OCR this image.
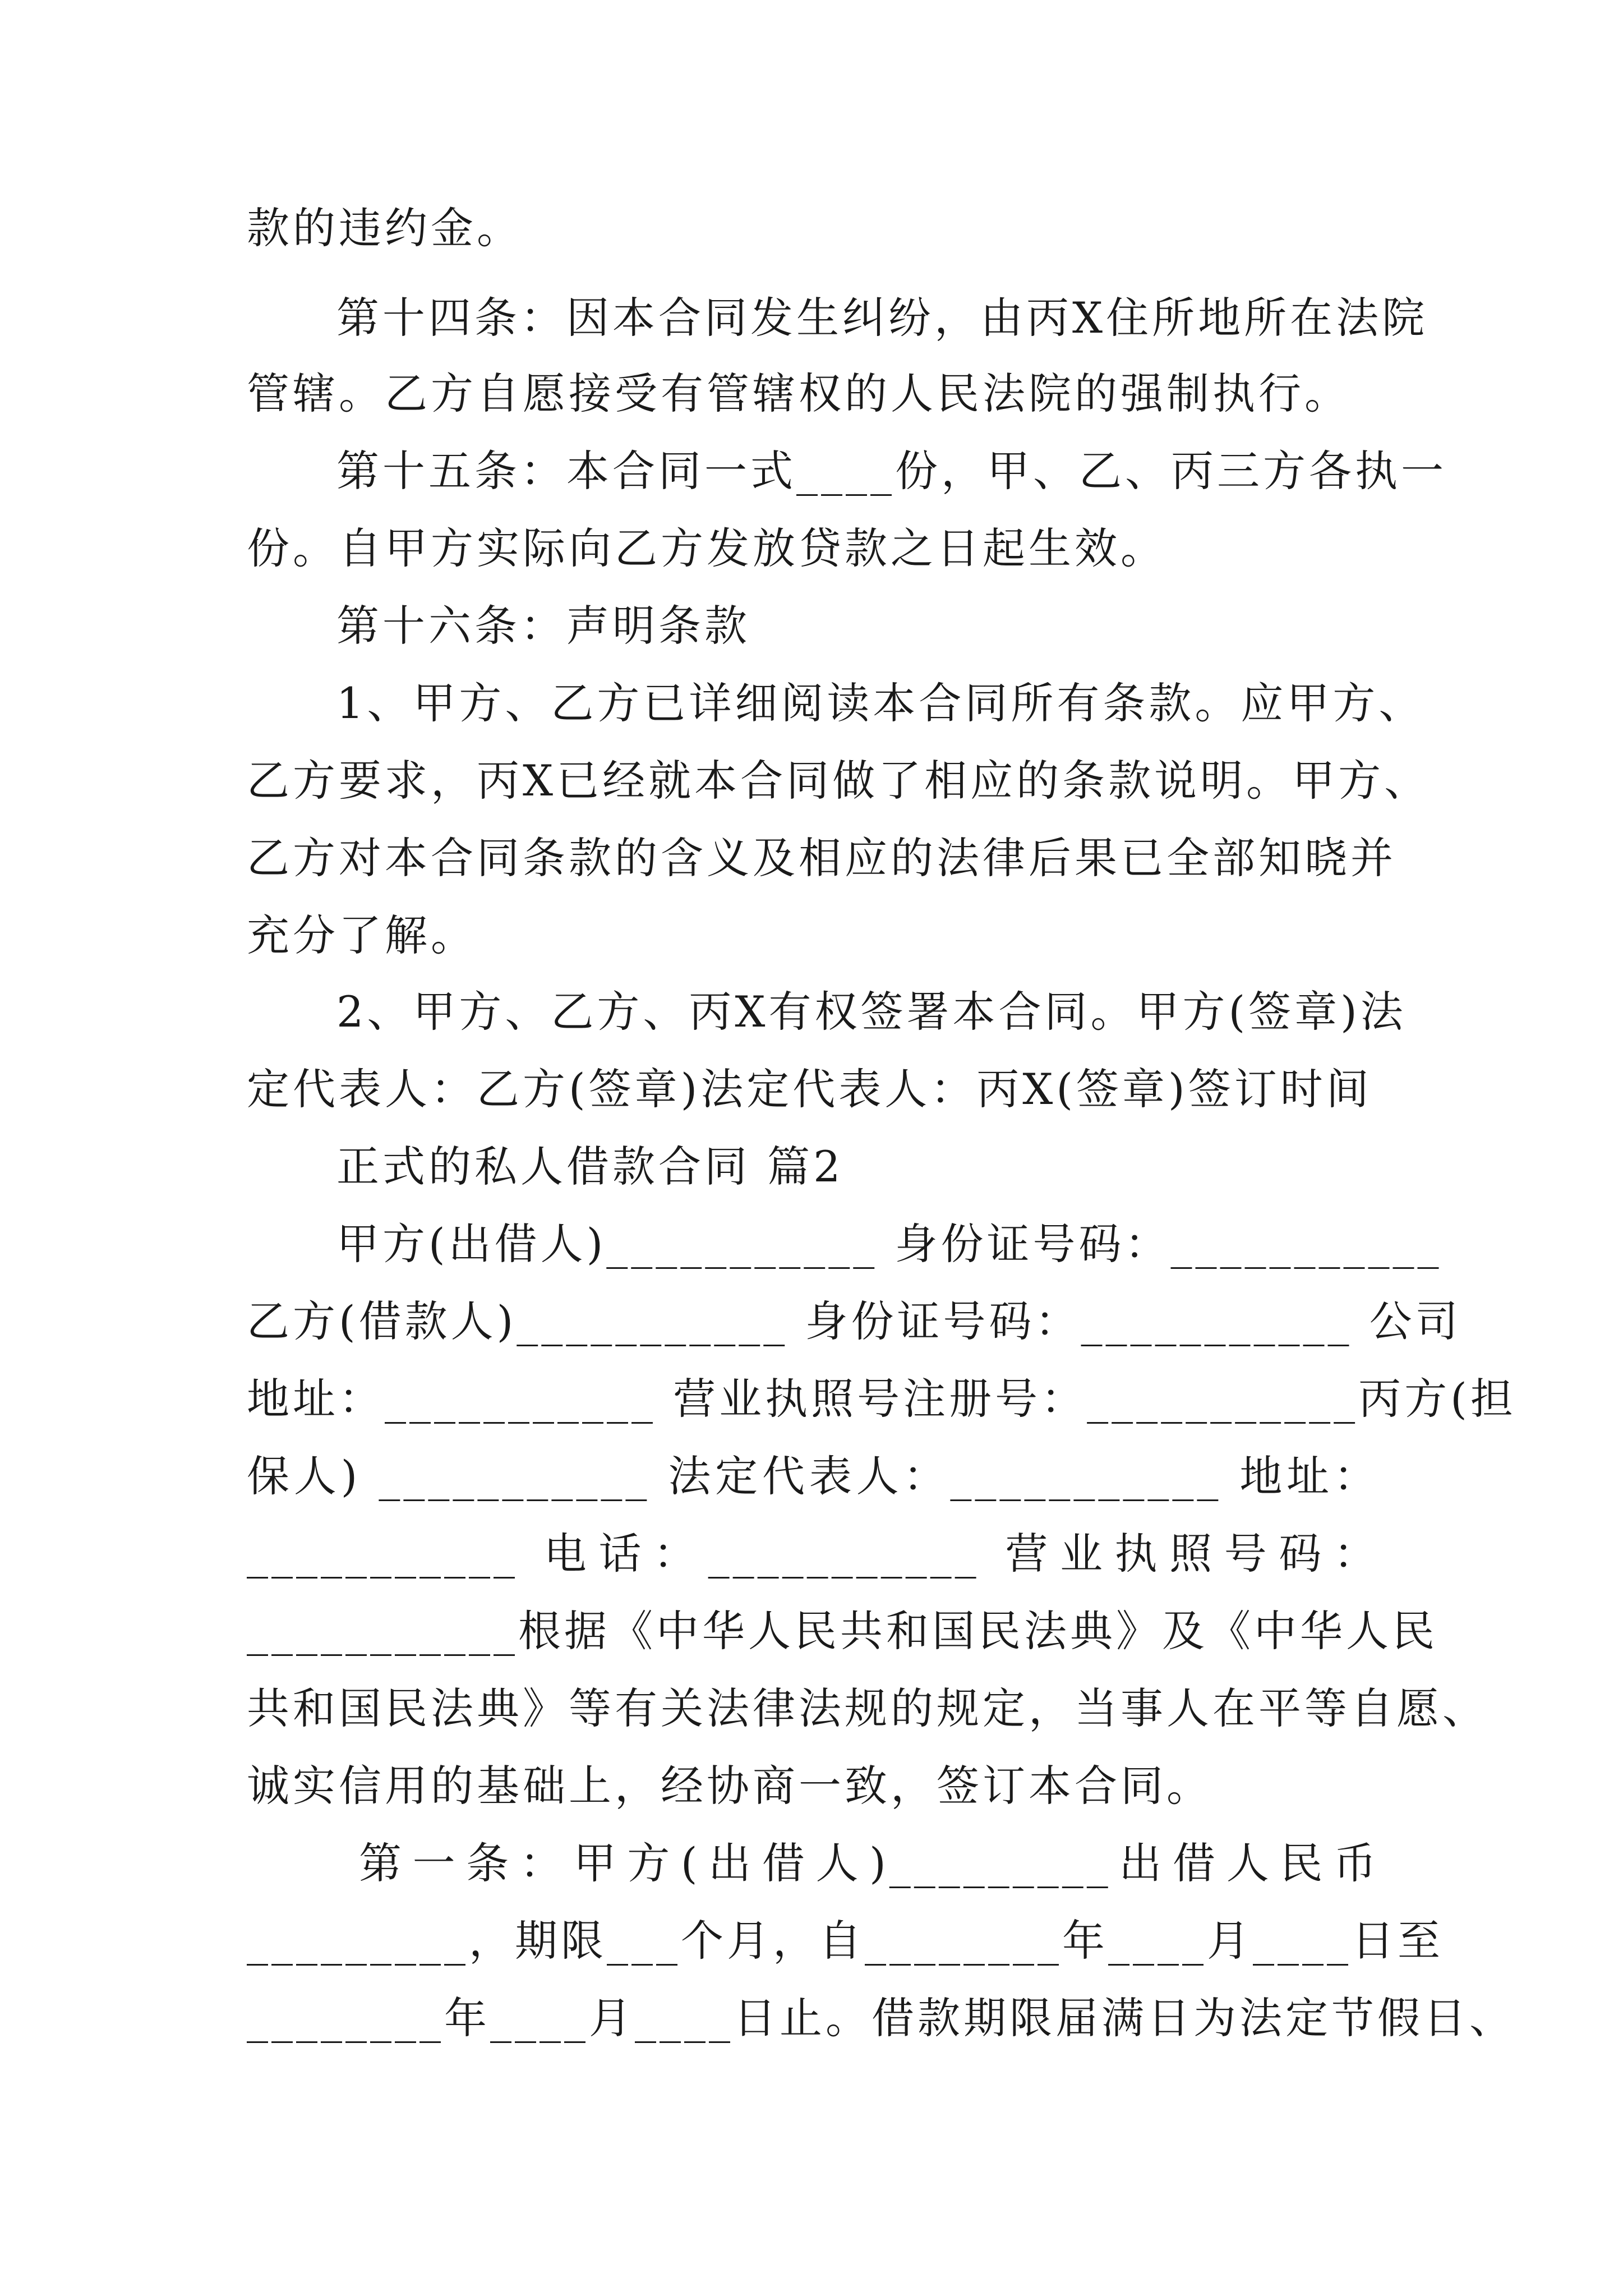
款的违约金。
第十四条：因本合同发生纠纷，由丙X住所地所在法院
管辖。乙方自愿接受有管辖权的人民法院的强制执行。
第十五条：本合同一式____份，甲、乙、丙三方各执一
份。自甲方实际向乙方发放贷款之日起生效。
第十六条：声明条款
1、甲方、乙方已详细阅读本合同所有条款。应甲方、
乙方要求，丙X已经就本合同做了相应的条款说明。甲方、
乙方对本合同条款的含义及相应的法律后果已全部知晓并
充分了解。
2、甲方、乙方、丙X有权签署本合同。甲方(签章)法
定代表人：乙方(签章)法定代表人：丙X(签章)签订时间
正式的私人借款合同 篇2
甲方(出借人)___________ 身份证号码：___________
乙方(借款人)___________ 身份证号码：___________ 公司
地址：___________ 营业执照号注册号：___________丙方(担
保人) ___________ 法定代表人：___________ 地址：
___________ 电话：___________ 营业执照号码：
___________根据《中华人民共和国民法典》及《中华人民
共和国民法典》等有关法律法规的规定，当事人在平等自愿、
诚实信用的基础上，经协商一致，签订本合同。
第一条：甲方(出借人)_________出借人民币
_________，期限___个月，自________年____月____日至
________年____月____日止。借款期限届满日为法定节假日、
